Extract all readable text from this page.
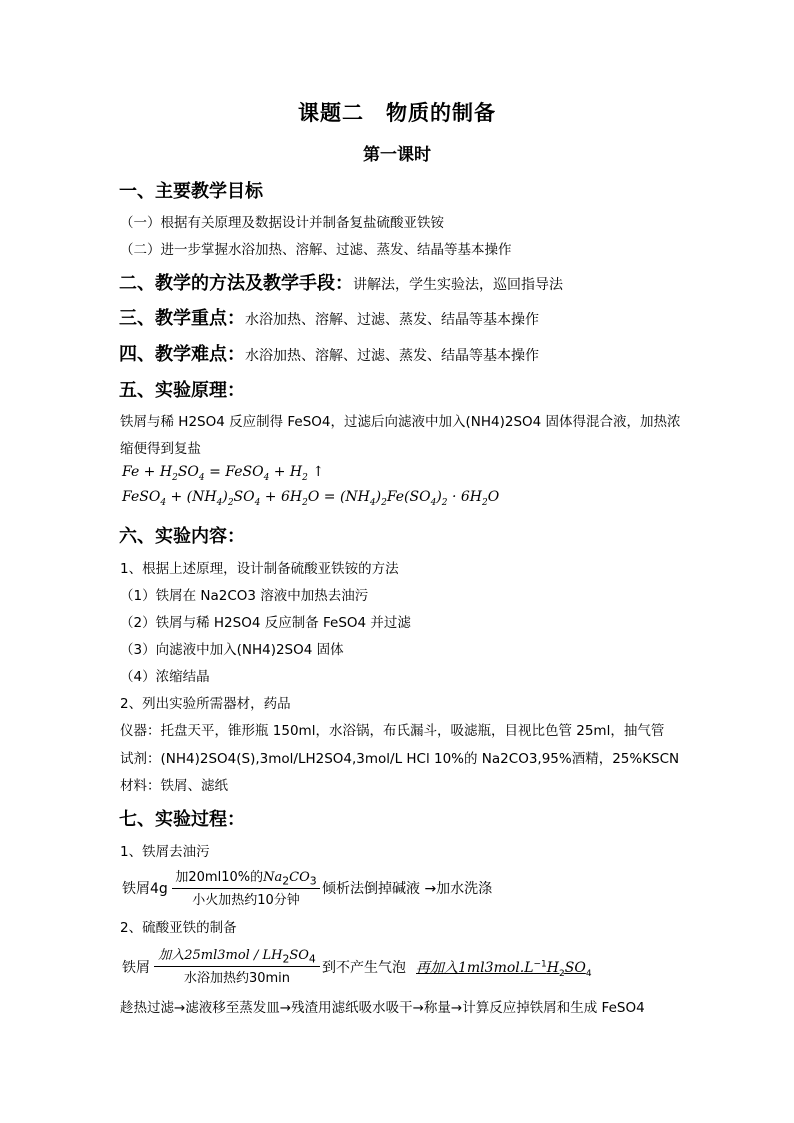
课题二　物质的制备
第一课时
一、主要教学目标
（一）根据有关原理及数据设计并制备复盐硫酸亚铁铵
（二）进一步掌握水浴加热、溶解、过滤、蒸发、结晶等基本操作
二、教学的方法及教学手段：讲解法，学生实验法，巡回指导法
三、教学重点：水浴加热、溶解、过滤、蒸发、结晶等基本操作
四、教学难点：水浴加热、溶解、过滤、蒸发、结晶等基本操作
五、实验原理：
铁屑与稀 H2SO4 反应制得 FeSO4，过滤后向滤液中加入(NH4)2SO4 固体得混合液，加热浓
缩便得到复盐
$Fe + H_2SO_4$ = FeSO$_4$ + $H_2$ ↑
FeSO$_4$ + $(NH_4)_2SO_4 + 6H_2O = (NH_4)_2Fe(SO_4)_2 \cdot 6H_2O$
六、实验内容：
1、根据上述原理，设计制备硫酸亚铁铵的方法
（1）铁屑在 Na2CO3 溶液中加热去油污
（2）铁屑与稀 H2SO4 反应制备 FeSO4 并过滤
（3）向滤液中加入(NH4)2SO4 固体
（4）浓缩结晶
2、列出实验所需器材，药品
仪器：托盘天平，锥形瓶 150ml，水浴锅，布氏漏斗，吸滤瓶，目视比色管 25ml，抽气管
试剂：(NH4)2SO4(S),3mol/LH2SO4,3mol/L HCl 10%的 Na2CO3,95%酒精，25%KSCN
材料：铁屑、滤纸
七、实验过程：
1、铁屑去油污
铁屑4g
加20ml10%的$Na_2CO_3$
小火加热约10分钟
倾析法倒掉碱液 →加水洗涤
2、硫酸亚铁的制备
铁屑
加入$25ml3mol / LH_2SO_4$
水浴加热约30min
到不产生气泡 再加入$1ml3mol.L^{-1}H_2SO_4$
趁热过滤→滤液移至蒸发皿→残渣用滤纸吸水吸干→称量→计算反应掉铁屑和生成 FeSO4
